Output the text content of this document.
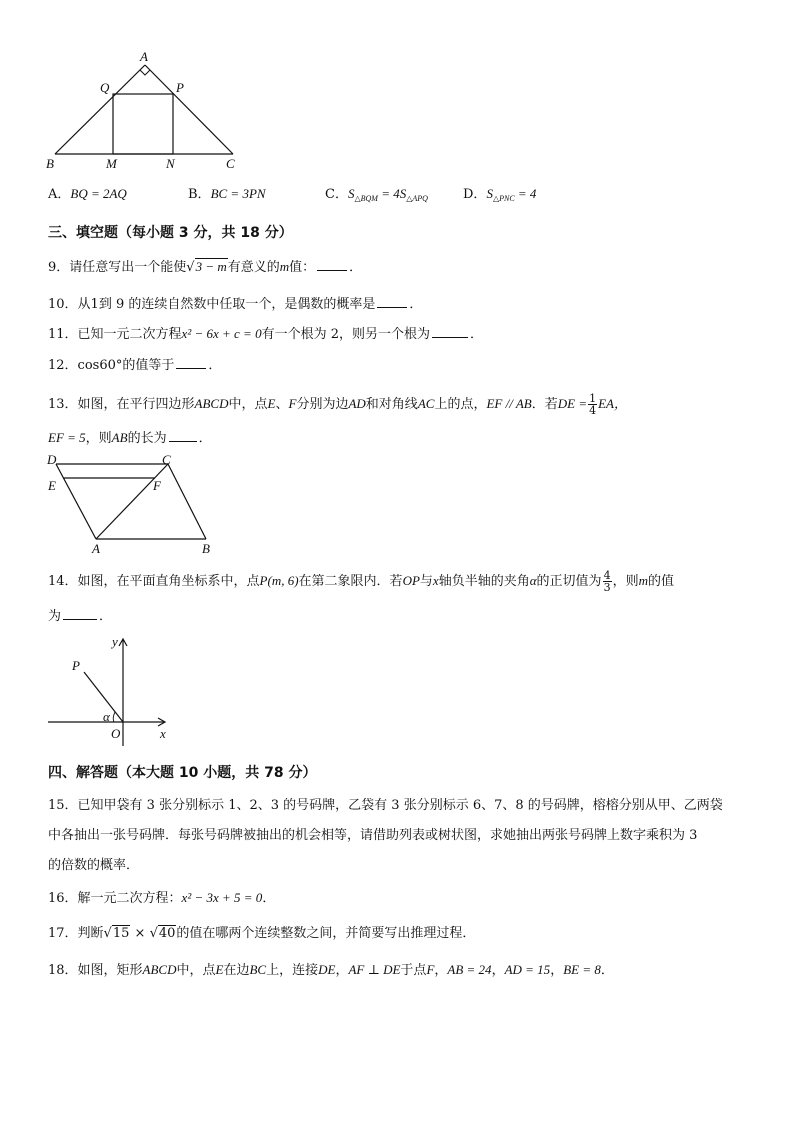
A
Q	P
B	M	N	C
A．BQ = 2AQ	B．BC = 3PN	C．$S_{\triangle BQM} = 4S_{\triangle APQ}$	D．$S_{\triangle PNC} = 4$
三、填空题（每小题 3 分，共 18 分）
9．请任意写出一个能使√3 − m有意义的m值：	．
10．从1到 9 的连续自然数中任取一个，是偶数的概率是	．
11．已知一元二次方程x² − 6x + c = 0有一个根为 2，则另一个根为	．
12．cos60°的值等于	．
13．如图，在平行四边形ABCD中，点E、F分别为边AD和对角线AC上的点，EF // AB．若DE = $\frac{1}{4}$ EA，
EF = 5，则AB的长为 ．
D	C
E	F
A	B
14．如图，在平面直角坐标系中，点P(m, 6)在第二象限内．若OP与x轴负半轴的夹角α的正切值为 $\frac{4}{3}$ ，则m的值
为	．
y
P
α
O	x
四、解答题（本大题 10 小题，共 78 分）
15．已知甲袋有 3 张分别标示 1、2、3 的号码牌，乙袋有 3 张分别标示 6、7、8 的号码牌，榕榕分别从甲、乙两袋
中各抽出一张号码牌．每张号码牌被抽出的机会相等，请借助列表或树状图，求她抽出两张号码牌上数字乘积为 3
的倍数的概率．
16．解一元二次方程：x² − 3x + 5 = 0．
17．判断√15 × √40的值在哪两个连续整数之间，并简要写出推理过程．
18．如图，矩形ABCD中，点E在边BC上，连接DE，AF ⊥ DE于点F，AB = 24，AD = 15，BE = 8．
